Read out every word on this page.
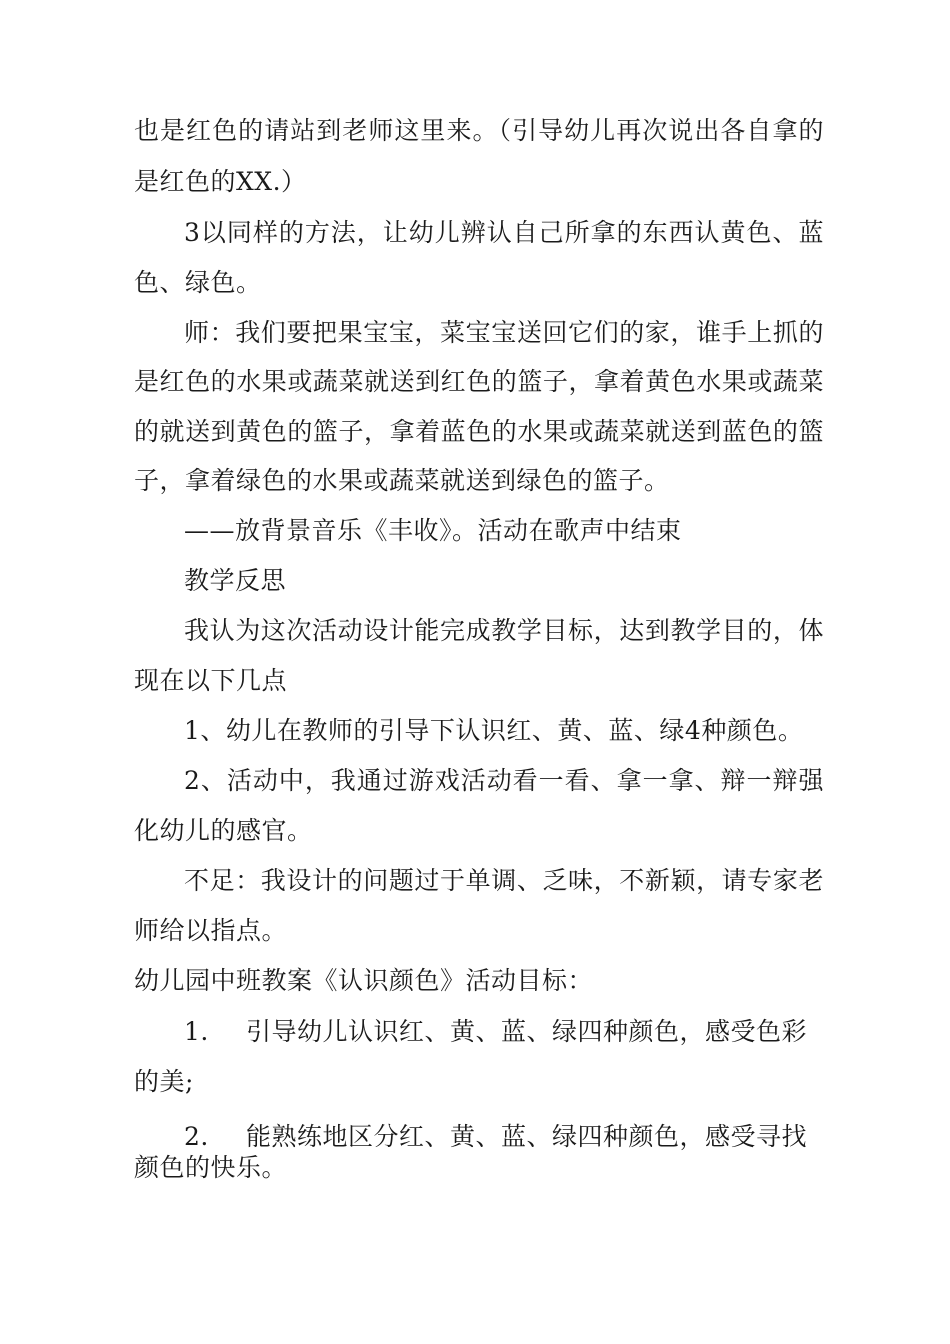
也是红色的请站到老师这里来。（引导幼儿再次说出各自拿的
是红色的XX.）
3以同样的方法，让幼儿辨认自己所拿的东西认黄色、蓝
色、绿色。
师：我们要把果宝宝，菜宝宝送回它们的家，谁手上抓的
是红色的水果或蔬菜就送到红色的篮子，拿着黄色水果或蔬菜
的就送到黄色的篮子，拿着蓝色的水果或蔬菜就送到蓝色的篮
子，拿着绿色的水果或蔬菜就送到绿色的篮子。
——放背景音乐《丰收》。活动在歌声中结束
教学反思
我认为这次活动设计能完成教学目标，达到教学目的，体
现在以下几点
1、幼儿在教师的引导下认识红、黄、蓝、绿4种颜色。
2、活动中，我通过游戏活动看一看、拿一拿、辩一辩强
化幼儿的感官。
不足：我设计的问题过于单调、乏味，不新颖，请专家老
师给以指点。
幼儿园中班教案《认识颜色》活动目标：
1. 引导幼儿认识红、黄、蓝、绿四种颜色，感受色彩
的美;
2. 能熟练地区分红、黄、蓝、绿四种颜色，感受寻找
颜色的快乐。
